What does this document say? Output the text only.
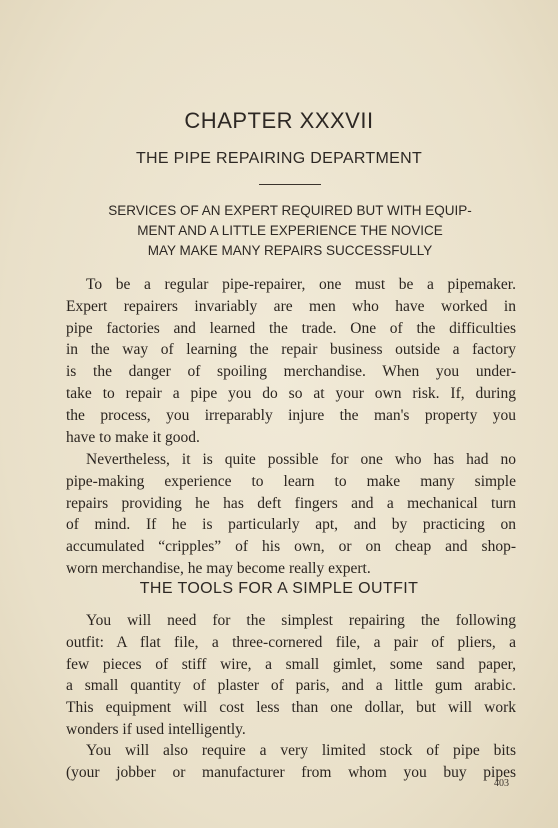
CHAPTER XXXVII
THE PIPE REPAIRING DEPARTMENT
SERVICES OF AN EXPERT REQUIRED BUT WITH EQUIP-
MENT AND A LITTLE EXPERIENCE THE NOVICE
MAY MAKE MANY REPAIRS SUCCESSFULLY
To be a regular pipe-repairer, one must be a pipemaker.
Expert repairers invariably are men who have worked in
pipe factories and learned the trade. One of the difficulties
in the way of learning the repair business outside a factory
is the danger of spoiling merchandise. When you under-
take to repair a pipe you do so at your own risk. If, during
the process, you irreparably injure the man's property you
have to make it good.
Nevertheless, it is quite possible for one who has had no
pipe-making experience to learn to make many simple
repairs providing he has deft fingers and a mechanical turn
of mind. If he is particularly apt, and by practicing on
accumulated “cripples” of his own, or on cheap and shop-
worn merchandise, he may become really expert.
THE TOOLS FOR A SIMPLE OUTFIT
You will need for the simplest repairing the following
outfit: A flat file, a three-cornered file, a pair of pliers, a
few pieces of stiff wire, a small gimlet, some sand paper,
a small quantity of plaster of paris, and a little gum arabic.
This equipment will cost less than one dollar, but will work
wonders if used intelligently.
You will also require a very limited stock of pipe bits
(your jobber or manufacturer from whom you buy pipes
403
